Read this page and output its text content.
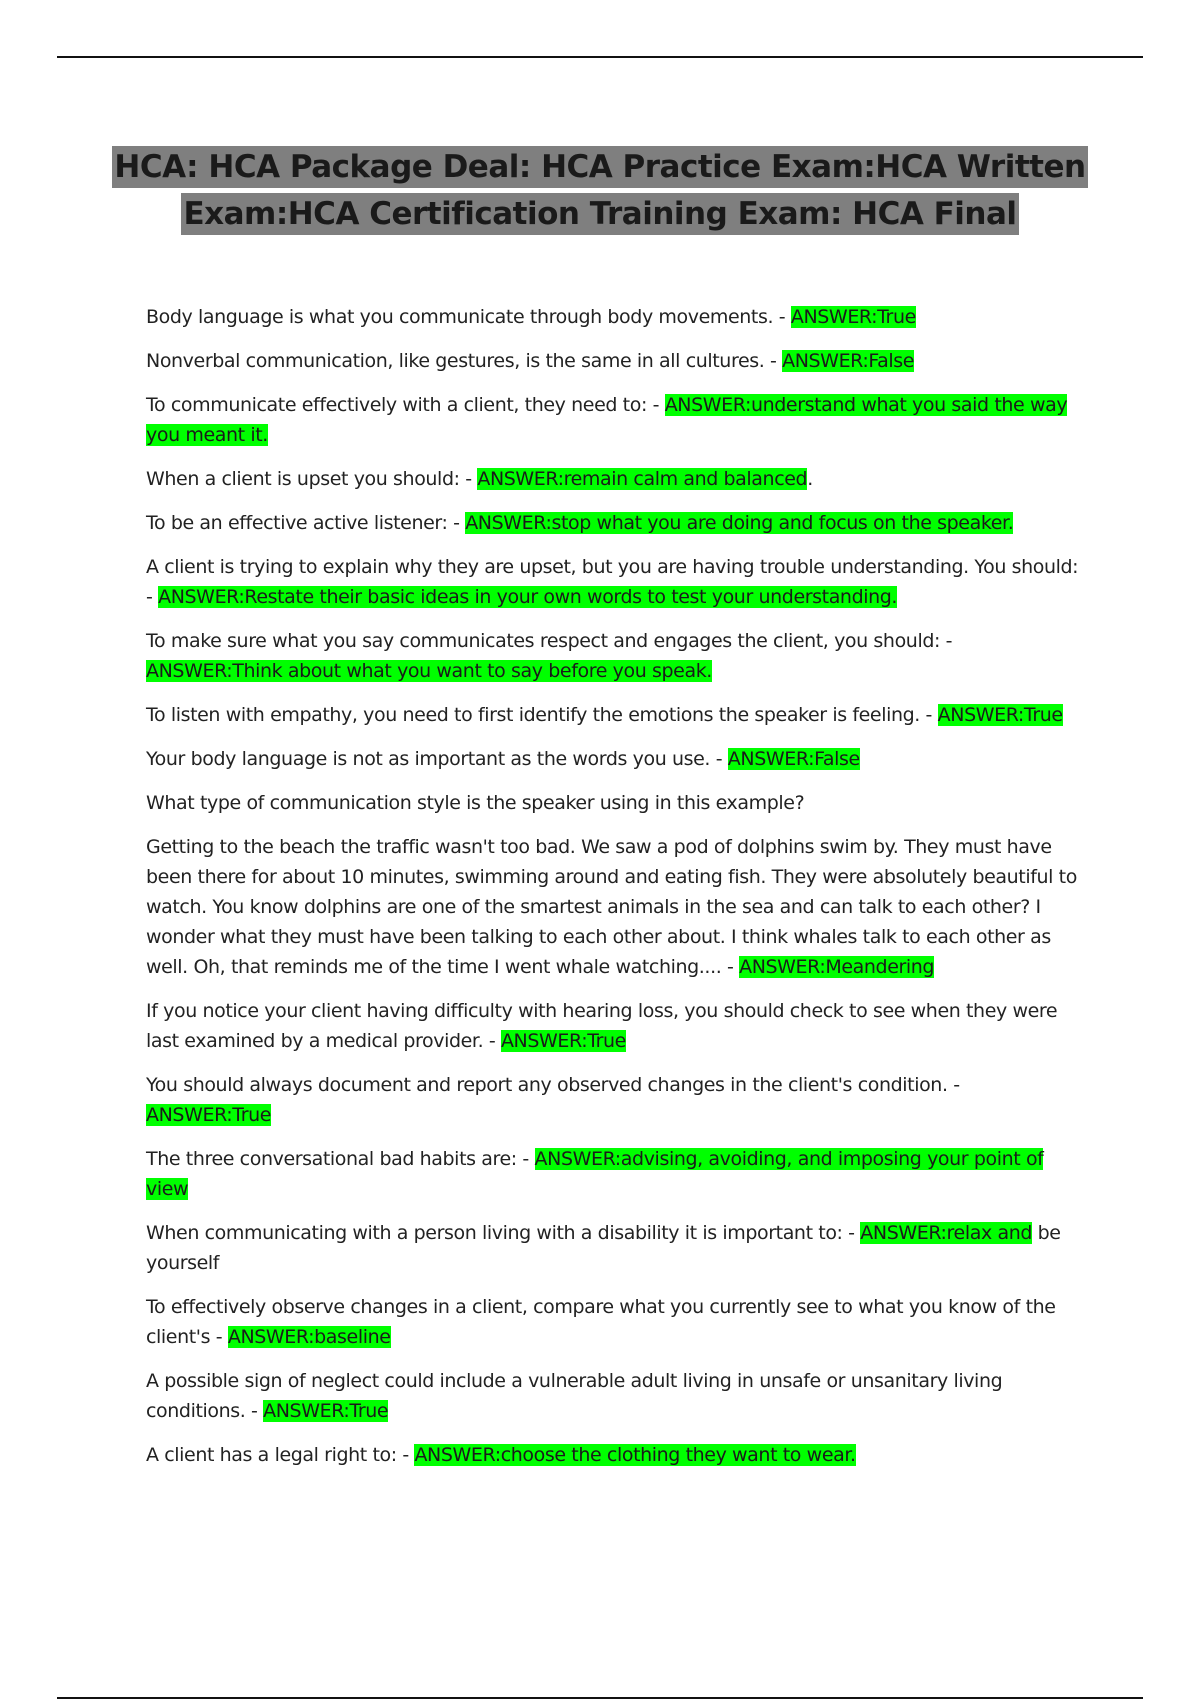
HCA: HCA Package Deal: HCA Practice Exam:HCA Written
Exam:HCA Certification Training Exam: HCA Final

Body language is what you communicate through body movements. - ANSWER:True

Nonverbal communication, like gestures, is the same in all cultures. - ANSWER:False

To communicate effectively with a client, they need to: - ANSWER:understand what you said the way you meant it.

When a client is upset you should: - ANSWER:remain calm and balanced.

To be an effective active listener: - ANSWER:stop what you are doing and focus on the speaker.

A client is trying to explain why they are upset, but you are having trouble understanding. You should: - ANSWER:Restate their basic ideas in your own words to test your understanding.

To make sure what you say communicates respect and engages the client, you should: - ANSWER:Think about what you want to say before you speak.

To listen with empathy, you need to first identify the emotions the speaker is feeling. - ANSWER:True

Your body language is not as important as the words you use. - ANSWER:False

What type of communication style is the speaker using in this example?

Getting to the beach the traffic wasn't too bad. We saw a pod of dolphins swim by. They must have been there for about 10 minutes, swimming around and eating fish. They were absolutely beautiful to watch. You know dolphins are one of the smartest animals in the sea and can talk to each other? I wonder what they must have been talking to each other about. I think whales talk to each other as well. Oh, that reminds me of the time I went whale watching.... - ANSWER:Meandering

If you notice your client having difficulty with hearing loss, you should check to see when they were last examined by a medical provider. - ANSWER:True

You should always document and report any observed changes in the client's condition. - ANSWER:True

The three conversational bad habits are: - ANSWER:advising, avoiding, and imposing your point of view

When communicating with a person living with a disability it is important to: - ANSWER:relax and be yourself

To effectively observe changes in a client, compare what you currently see to what you know of the client's - ANSWER:baseline

A possible sign of neglect could include a vulnerable adult living in unsafe or unsanitary living conditions. - ANSWER:True

A client has a legal right to: - ANSWER:choose the clothing they want to wear.
